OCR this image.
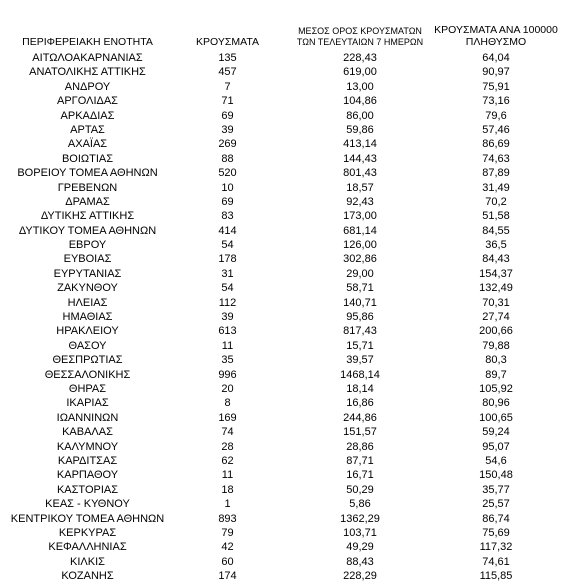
ΠΕΡΙΦΕΡΕΙΑΚΗ ΕΝΟΤΗΤΑ	ΚΡΟΥΣΜΑΤΑ
ΜΕΣΟΣ ΟΡΟΣ ΚΡΟΥΣΜΑΤΩΝ
ΤΩΝ ΤΕΛΕΥΤΑΙΩΝ 7 ΗΜΕΡΩΝ
ΚΡΟΥΣΜΑΤΑ ΑΝΑ 100000
ΠΛΗΘΥΣΜΟ
ΑΙΤΩΛΟΑΚΑΡΝΑΝΙΑΣ	135	228,43	64,04
ΑΝΑΤΟΛΙΚΗΣ ΑΤΤΙΚΗΣ	457	619,00	90,97
ΑΝΔΡΟΥ	7	13,00	75,91
ΑΡΓΟΛΙΔΑΣ	71	104,86	73,16
ΑΡΚΑΔΙΑΣ	69	86,00	79,6
ΑΡΤΑΣ	39	59,86	57,46
ΑΧΑΪΑΣ	269	413,14	86,69
ΒΟΙΩΤΙΑΣ	88	144,43	74,63
ΒΟΡΕΙΟΥ ΤΟΜΕΑ ΑΘΗΝΩΝ	520	801,43	87,89
ΓΡΕΒΕΝΩΝ	10	18,57	31,49
ΔΡΑΜΑΣ	69	92,43	70,2
ΔΥΤΙΚΗΣ ΑΤΤΙΚΗΣ	83	173,00	51,58
ΔΥΤΙΚΟΥ ΤΟΜΕΑ ΑΘΗΝΩΝ	414	681,14	84,55
ΕΒΡΟΥ	54	126,00	36,5
ΕΥΒΟΙΑΣ	178	302,86	84,43
ΕΥΡΥΤΑΝΙΑΣ	31	29,00	154,37
ΖΑΚΥΝΘΟΥ	54	58,71	132,49
ΗΛΕΙΑΣ	112	140,71	70,31
ΗΜΑΘΙΑΣ	39	95,86	27,74
ΗΡΑΚΛΕΙΟΥ	613	817,43	200,66
ΘΑΣΟΥ	11	15,71	79,88
ΘΕΣΠΡΩΤΙΑΣ	35	39,57	80,3
ΘΕΣΣΑΛΟΝΙΚΗΣ	996	1468,14	89,7
ΘΗΡΑΣ	20	18,14	105,92
ΙΚΑΡΙΑΣ	8	16,86	80,96
ΙΩΑΝΝΙΝΩΝ	169	244,86	100,65
ΚΑΒΑΛΑΣ	74	151,57	59,24
ΚΑΛΥΜΝΟΥ	28	28,86	95,07
ΚΑΡΔΙΤΣΑΣ	62	87,71	54,6
ΚΑΡΠΑΘΟΥ	11	16,71	150,48
ΚΑΣΤΟΡΙΑΣ	18	50,29	35,77
ΚΕΑΣ - ΚΥΘΝΟΥ	1	5,86	25,57
ΚΕΝΤΡΙΚΟΥ ΤΟΜΕΑ ΑΘΗΝΩΝ	893	1362,29	86,74
ΚΕΡΚΥΡΑΣ	79	103,71	75,69
ΚΕΦΑΛΛΗΝΙΑΣ	42	49,29	117,32
ΚΙΛΚΙΣ	60	88,43	74,61
ΚΟΖΑΝΗΣ	174	228,29	115,85
